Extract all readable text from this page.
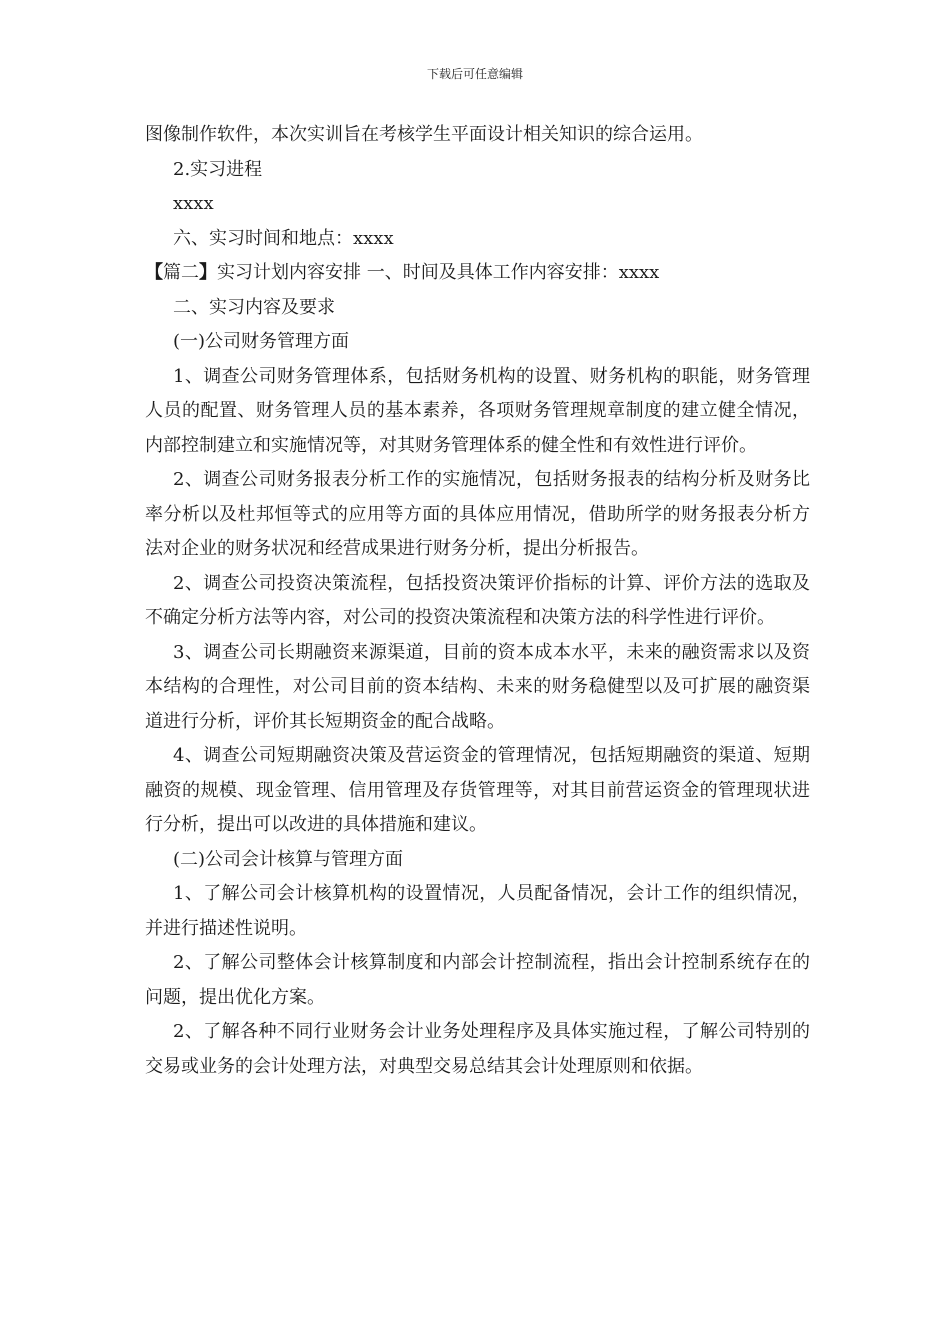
下载后可任意编辑
图像制作软件，本次实训旨在考核学生平面设计相关知识的综合运用。
2.实习进程
xxxx
六、实习时间和地点：xxxx
【篇二】实习计划内容安排 一、时间及具体工作内容安排：xxxx
二、实习内容及要求
(一)公司财务管理方面
1、调查公司财务管理体系，包括财务机构的设置、财务机构的职能，财务管理人员的配置、财务管理人员的基本素养，各项财务管理规章制度的建立健全情况，内部控制建立和实施情况等，对其财务管理体系的健全性和有效性进行评价。
2、调查公司财务报表分析工作的实施情况，包括财务报表的结构分析及财务比率分析以及杜邦恒等式的应用等方面的具体应用情况，借助所学的财务报表分析方法对企业的财务状况和经营成果进行财务分析，提出分析报告。
2、调查公司投资决策流程，包括投资决策评价指标的计算、评价方法的选取及不确定分析方法等内容，对公司的投资决策流程和决策方法的科学性进行评价。
3、调查公司长期融资来源渠道，目前的资本成本水平，未来的融资需求以及资本结构的合理性，对公司目前的资本结构、未来的财务稳健型以及可扩展的融资渠道进行分析，评价其长短期资金的配合战略。
4、调查公司短期融资决策及营运资金的管理情况，包括短期融资的渠道、短期融资的规模、现金管理、信用管理及存货管理等，对其目前营运资金的管理现状进行分析，提出可以改进的具体措施和建议。
(二)公司会计核算与管理方面
1、了解公司会计核算机构的设置情况，人员配备情况，会计工作的组织情况，并进行描述性说明。
2、了解公司整体会计核算制度和内部会计控制流程，指出会计控制系统存在的问题，提出优化方案。
2、了解各种不同行业财务会计业务处理程序及具体实施过程，了解公司特别的交易或业务的会计处理方法，对典型交易总结其会计处理原则和依据。
